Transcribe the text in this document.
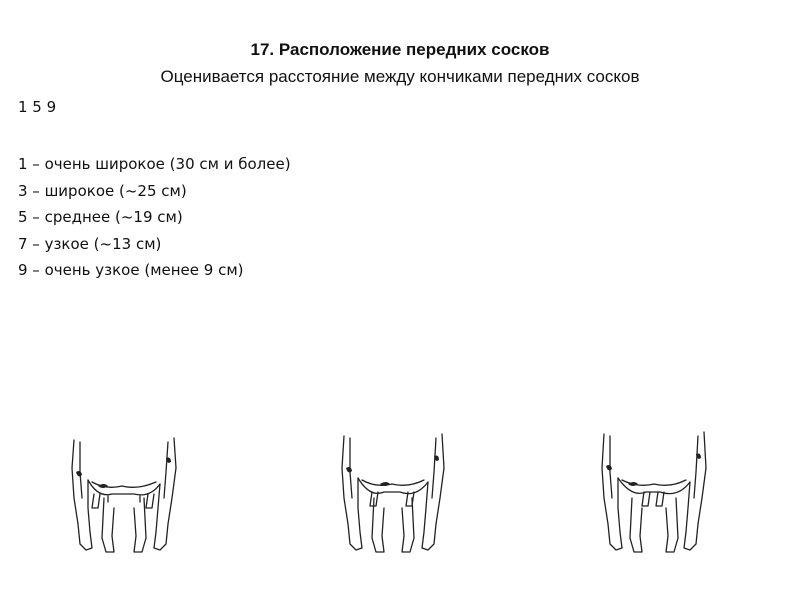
17. Расположение передних сосков
Оценивается расстояние между кончиками передних сосков
1 5 9
1 – очень широкое (30 см и более)
3 – широкое (~25 см)
5 – среднее (~19 см)
7 – узкое (~13 см)
9 – очень узкое (менее 9 см)
